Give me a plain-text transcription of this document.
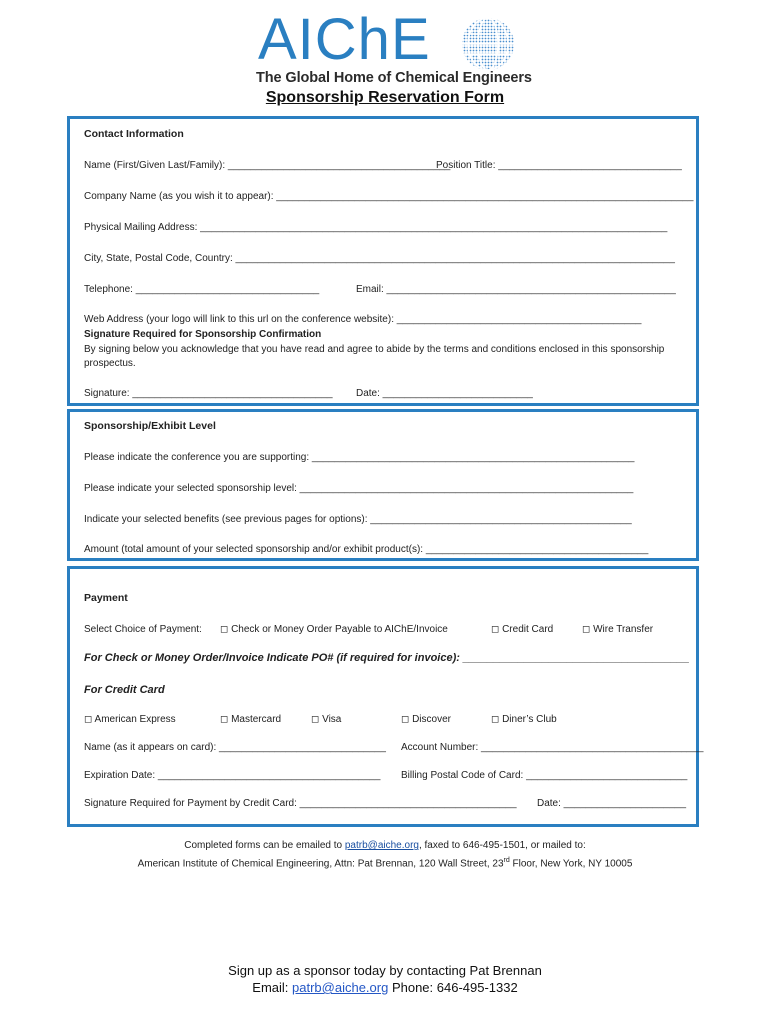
AIChE
The Global Home of Chemical Engineers
Sponsorship Reservation Form
Contact Information
Name (First/Given Last/Family): ________________________________________
Position Title: _________________________________
Company Name (as you wish it to appear): ___________________________________________________________________________
Physical Mailing Address: ____________________________________________________________________________________
City, State, Postal Code, Country: _______________________________________________________________________________
Telephone: _________________________________	Email: ____________________________________________________
Web Address (your logo will link to this url on the conference website): ____________________________________________
Signature Required for Sponsorship Confirmation
By signing below you acknowledge that you have read and agree to abide by the terms and conditions enclosed in this sponsorship prospectus.
Signature: ____________________________________ Date: ___________________________
Sponsorship/Exhibit Level
Please indicate the conference you are supporting: __________________________________________________________
Please indicate your selected sponsorship level: ____________________________________________________________
Indicate your selected benefits (see previous pages for options): _______________________________________________
Amount (total amount of your selected sponsorship and/or exhibit product(s): ________________________________________
Payment
Select Choice of Payment: ◻ Check or Money Order Payable to AIChE/Invoice	◻ Credit Card	◻ Wire Transfer
For Check or Money Order/Invoice Indicate PO# (if required for invoice): _____________________________________
For Credit Card
◻ American Express	◻ Mastercard	◻ Visa	◻ Discover	◻ Diner’s Club
Name (as it appears on card): ______________________________ Account Number: ________________________________________
Expiration Date: ________________________________________ Billing Postal Code of Card: _____________________________
Signature Required for Payment by Credit Card: _______________________________________ Date: ______________________
Completed forms can be emailed to patrb@aiche.org, faxed to 646-495-1501, or mailed to:
American Institute of Chemical Engineering, Attn: Pat Brennan, 120 Wall Street, 23rd Floor, New York, NY 10005
Sign up as a sponsor today by contacting Pat Brennan
Email: patrb@aiche.org Phone: 646-495-1332
